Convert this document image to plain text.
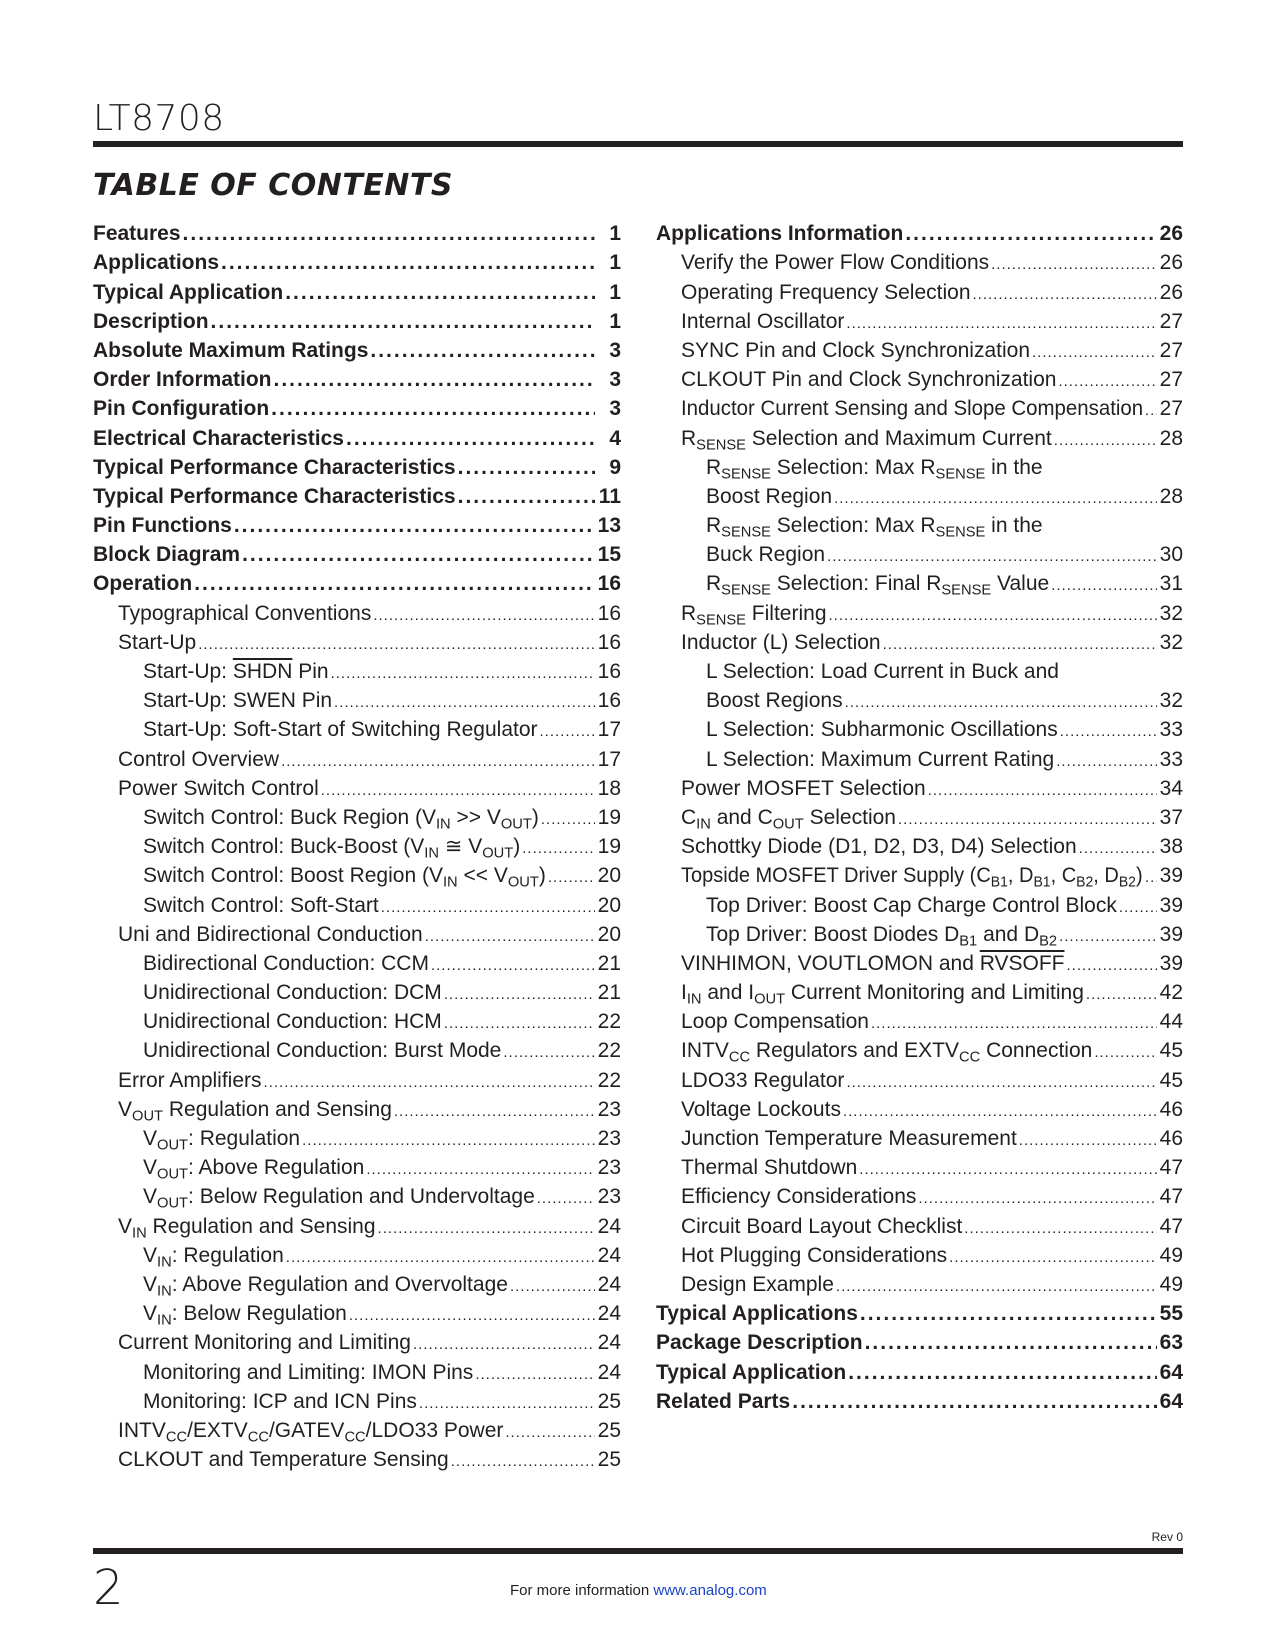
LT8708
TABLE OF CONTENTS
Features .....	1
Applications .....	1
Typical Application .....	1
Description .....	1
Absolute Maximum Ratings .....	3
Order Information .....	3
Pin Configuration .....	3
Electrical Characteristics .....	4
Typical Performance Characteristics .....	9
Typical Performance Characteristics .....	11
Pin Functions .....	13
Block Diagram .....	15
Operation .....	16
Typographical Conventions .....	16
Start-Up .....	16
Start-Up: SHDN Pin .....	16
Start-Up: SWEN Pin .....	16
Start-Up: Soft-Start of Switching Regulator .....	17
Control Overview .....	17
Power Switch Control .....	18
Switch Control: Buck Region $(V_{IN} >> V_{OUT})$ .....	19
Switch Control: Buck-Boost ($V_{IN}$ ≅ $V_{OUT}$) .....	19
Switch Control: Boost Region $(V_{IN} << V_{OUT})$ ..... 20
Switch Control: Soft-Start .....	20
Uni and Bidirectional Conduction .....	20
Bidirectional Conduction: CCM .....	21
Unidirectional Conduction: DCM .....	21
Unidirectional Conduction: HCM .....	22
Unidirectional Conduction: Burst Mode .....	22
Error Amplifiers .....	22
$V_{OUT}$ Regulation and Sensing .....	23
$V_{OUT}$: Regulation .....	23
$V_{OUT}$: Above Regulation .....	23
$V_{OUT}$: Below Regulation and Undervoltage .....	23
$V_{IN}$ Regulation and Sensing .....	24
$V_{IN}$: Regulation .....	24
$V_{IN}$: Above Regulation and Overvoltage .....	24
$V_{IN}$: Below Regulation .....	24
Current Monitoring and Limiting .....	24
Monitoring and Limiting: IMON Pins .....	24
Monitoring: ICP and ICN Pins .....	25
$INTV_{CC}/EXTV_{CC}/GATEV_{CC}/LDO33$ Power .....	25
CLKOUT and Temperature Sensing .....	25
Applications Information .....	26
Verify the Power Flow Conditions .....	26
Operating Frequency Selection .....	26
Internal Oscillator .....	27
SYNC Pin and Clock Synchronization .....	27
CLKOUT Pin and Clock Synchronization .....	27
Inductor Current Sensing and Slope Compensation ..... 27
$R_{SENSE}$ Selection and Maximum Current .....	28
$R_{SENSE}$ Selection: Max $R_{SENSE}$ in the
Boost Region .....	28
$R_{SENSE}$ Selection: Max $R_{SENSE}$ in the
Buck Region .....	30
$R_{SENSE}$ Selection: Final $R_{SENSE}$ Value .....	31
$R_{SENSE}$ Filtering .....	32
Inductor (L) Selection .....	32
L Selection: Load Current in Buck and
Boost Regions .....	32
L Selection: Subharmonic Oscillations .....	33
L Selection: Maximum Current Rating .....	33
Power MOSFET Selection .....	34
$C_{IN}$ and $C_{OUT}$ Selection .....	37
Schottky Diode (D1, D2, D3, D4) Selection .....	38
Topside MOSFET Driver Supply ($C_{B1}$, $D_{B1}$, $C_{B2}$, $D_{B2}$) ..... 39
Top Driver: Boost Cap Charge Control Block ..... 39
Top Driver: Boost Diodes $D_{B1}$ and $D_{B2}$ .....	39
VINHIMON, VOUTLOMON and RVSOFF .....	39
$I_{IN}$ and $I_{OUT}$ Current Monitoring and Limiting .....	42
Loop Compensation .....	44
$INTV_{CC}$ Regulators and $EXTV_{CC}$ Connection .....	45
LDO33 Regulator .....	45
Voltage Lockouts .....	46
Junction Temperature Measurement .....	46
Thermal Shutdown .....	47
Efficiency Considerations .....	47
Circuit Board Layout Checklist .....	47
Hot Plugging Considerations .....	49
Design Example .....	49
Typical Applications .....	55
Package Description .....	63
Typical Application .....	64
Related Parts .....	64
Rev 0
2	For more information www.analog.com
